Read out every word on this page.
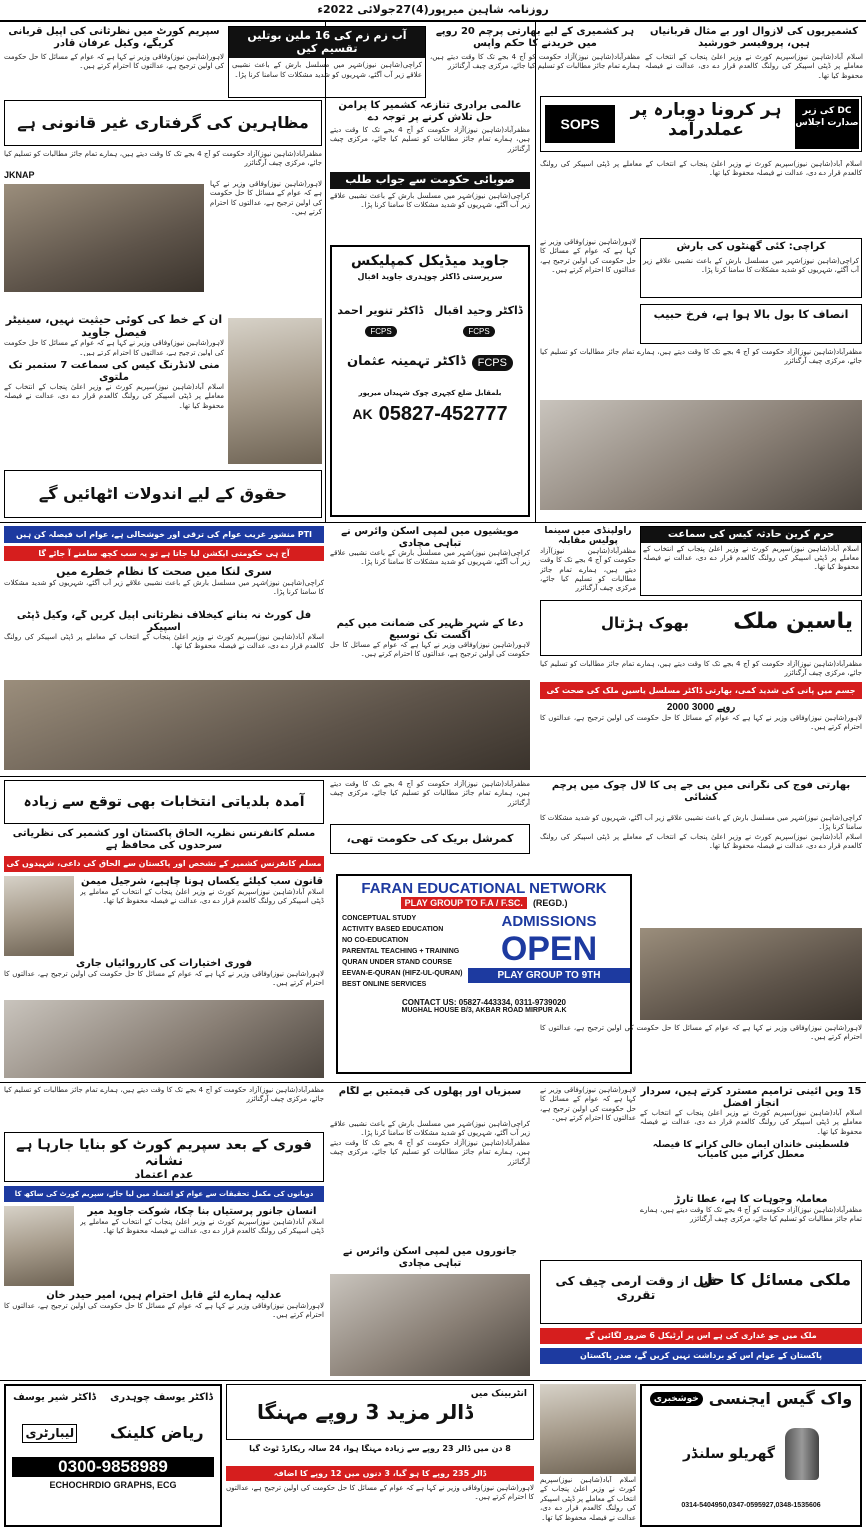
روزنامہ شاہین میرپور(4)27جولائی 2022ء
کشمیریوں کی لازوال اور بے مثال قربانیاں ہیں، پروفیسر خورشید
اسلام آباد(شاہین نیوز)سپریم کورٹ نے وزیر اعلیٰ پنجاب کے انتخاب کے معاملے پر ڈپٹی اسپیکر کی رولنگ کالعدم قرار دے دی، عدالت نے فیصلہ محفوظ کیا تھا۔
ہر کشمیری کے لیے بھارتی پرچم 20 روپے میں خریدنے کا حکم واپس
مظفرآباد(شاہین نیوز)آزاد حکومت کو آج 4 بجے تک کا وقت دیتے ہیں، ہمارے تمام جائز مطالبات کو تسلیم کیا جائے، مرکزی چیف آرگنائزر
آب زم زم کی 16 ملین بوتلیں تقسیم کیں
کراچی(شاہین نیوز)شہر میں مسلسل بارش کے باعث نشیبی علاقے زیر آب آگئے، شہریوں کو شدید مشکلات کا سامنا کرنا پڑا۔
سپریم کورٹ میں نظرثانی کی اپیل قربانی کریگے، وکیل عرفان قادر
لاہور(شاہین نیوز)وفاقی وزیر نے کہا ہے کہ عوام کے مسائل کا حل حکومت کی اولین ترجیح ہے، عدالتوں کا احترام کرتے ہیں۔
DC کی زیر صدارت اجلاس
ہر کرونا دوبارہ پر عملدرآمد
SOPS
مظاہرین کی گرفتاری غیر قانونی ہے
عالمی برادری تنازعہ کشمیر کا پرامن حل تلاش کرنے پر توجہ دے
مظفرآباد(شاہین نیوز)آزاد حکومت کو آج 4 بجے تک کا وقت دیتے ہیں، ہمارے تمام جائز مطالبات کو تسلیم کیا جائے، مرکزی چیف آرگنائزر
صوبائی حکومت سے جواب طلب
کراچی(شاہین نیوز)شہر میں مسلسل بارش کے باعث نشیبی علاقے زیر آب آگئے، شہریوں کو شدید مشکلات کا سامنا کرنا پڑا۔
مظفرآباد(شاہین نیوز)آزاد حکومت کو آج 4 بجے تک کا وقت دیتے ہیں، ہمارے تمام جائز مطالبات کو تسلیم کیا جائے، مرکزی چیف آرگنائزر
JKNAP
لاہور(شاہین نیوز)وفاقی وزیر نے کہا ہے کہ عوام کے مسائل کا حل حکومت کی اولین ترجیح ہے، عدالتوں کا احترام کرتے ہیں۔
جاوید میڈیکل کمپلیکس
سرپرستی ڈاکٹر چوہدری جاوید اقبال
ڈاکٹر وحید اقبال
ڈاکٹر تنویر احمد
FCPS
FCPS
FCPS
ڈاکٹر تہمینہ عثمان
بلمقابل ضلع کچہری چوک شہیداں میرپور
AK 05827-452777
اسلام آباد(شاہین نیوز)سپریم کورٹ نے وزیر اعلیٰ پنجاب کے انتخاب کے معاملے پر ڈپٹی اسپیکر کی رولنگ کالعدم قرار دے دی، عدالت نے فیصلہ محفوظ کیا تھا۔
کراچی: کئی گھنٹوں کی بارش
کراچی(شاہین نیوز)شہر میں مسلسل بارش کے باعث نشیبی علاقے زیر آب آگئے، شہریوں کو شدید مشکلات کا سامنا کرنا پڑا۔
لاہور(شاہین نیوز)وفاقی وزیر نے کہا ہے کہ عوام کے مسائل کا حل حکومت کی اولین ترجیح ہے، عدالتوں کا احترام کرتے ہیں۔
انصاف کا بول بالا ہوا ہے، فرخ حبیب
مظفرآباد(شاہین نیوز)آزاد حکومت کو آج 4 بجے تک کا وقت دیتے ہیں، ہمارے تمام جائز مطالبات کو تسلیم کیا جائے، مرکزی چیف آرگنائزر
ان کے خط کی کوئی حیثیت نہیں، سینیٹر فیصل جاوید
لاہور(شاہین نیوز)وفاقی وزیر نے کہا ہے کہ عوام کے مسائل کا حل حکومت کی اولین ترجیح ہے، عدالتوں کا احترام کرتے ہیں۔
منی لانڈرنگ کیس کی سماعت 7 ستمبر تک ملتوی
اسلام آباد(شاہین نیوز)سپریم کورٹ نے وزیر اعلیٰ پنجاب کے انتخاب کے معاملے پر ڈپٹی اسپیکر کی رولنگ کالعدم قرار دے دی، عدالت نے فیصلہ محفوظ کیا تھا۔
حقوق کے لیے اندولات اٹھائیں گے
PTI منشور غریب عوام کی ترقی اور خوشحالی ہے، عوام اب فیصلہ کن ہیں
آج ہی حکومتی ایکشن لیا جاتا ہے تو یہ سب کچھ سامنے آ جائے گا
سری لنکا میں صحت کا نظام خطرے میں
کراچی(شاہین نیوز)شہر میں مسلسل بارش کے باعث نشیبی علاقے زیر آب آگئے، شہریوں کو شدید مشکلات کا سامنا کرنا پڑا۔
فل کورٹ نہ بنانے کیخلاف نظرثانی اپیل کریں گے، وکیل ڈپٹی اسپیکر
اسلام آباد(شاہین نیوز)سپریم کورٹ نے وزیر اعلیٰ پنجاب کے انتخاب کے معاملے پر ڈپٹی اسپیکر کی رولنگ کالعدم قرار دے دی، عدالت نے فیصلہ محفوظ کیا تھا۔
مویشیوں میں لمپی اسکن وائرس نے تباہی مچادی
کراچی(شاہین نیوز)شہر میں مسلسل بارش کے باعث نشیبی علاقے زیر آب آگئے، شہریوں کو شدید مشکلات کا سامنا کرنا پڑا۔
دعا کے شہر ظہیر کی ضمانت میں کیم اگست تک توسیع
لاہور(شاہین نیوز)وفاقی وزیر نے کہا ہے کہ عوام کے مسائل کا حل حکومت کی اولین ترجیح ہے، عدالتوں کا احترام کرتے ہیں۔
راولپنڈی میں سینما پولیس مقابلہ
مظفرآباد(شاہین نیوز)آزاد حکومت کو آج 4 بجے تک کا وقت دیتے ہیں، ہمارے تمام جائز مطالبات کو تسلیم کیا جائے، مرکزی چیف آرگنائزر
حرم کرین حادثہ کیس کی سماعت
اسلام آباد(شاہین نیوز)سپریم کورٹ نے وزیر اعلیٰ پنجاب کے انتخاب کے معاملے پر ڈپٹی اسپیکر کی رولنگ کالعدم قرار دے دی، عدالت نے فیصلہ محفوظ کیا تھا۔
یاسین ملک
بھوک ہڑتال
مظفرآباد(شاہین نیوز)آزاد حکومت کو آج 4 بجے تک کا وقت دیتے ہیں، ہمارے تمام جائز مطالبات کو تسلیم کیا جائے، مرکزی چیف آرگنائزر
جسم میں پانی کی شدید کمی، بھارتی ڈاکٹر مسلسل یاسین ملک کی صحت کی
2000 روپے 3000
لاہور(شاہین نیوز)وفاقی وزیر نے کہا ہے کہ عوام کے مسائل کا حل حکومت کی اولین ترجیح ہے، عدالتوں کا احترام کرتے ہیں۔
آمدہ بلدیاتی انتخابات بھی توقع سے زیادہ
مسلم کانفرنس نظریہ الحاق پاکستان اور کشمیر کی نظریاتی سرحدوں کی محافظ ہے
مسلم کانفرنس کشمیر کے تشخص اور پاکستان سے الحاق کی داعی، شہیدوں کی
قانون سب کیلئے یکساں ہونا چاہیے، شرجیل میمن
اسلام آباد(شاہین نیوز)سپریم کورٹ نے وزیر اعلیٰ پنجاب کے انتخاب کے معاملے پر ڈپٹی اسپیکر کی رولنگ کالعدم قرار دے دی، عدالت نے فیصلہ محفوظ کیا تھا۔
فوری اختیارات کی کارروائیاں جاری
لاہور(شاہین نیوز)وفاقی وزیر نے کہا ہے کہ عوام کے مسائل کا حل حکومت کی اولین ترجیح ہے، عدالتوں کا احترام کرتے ہیں۔
مظفرآباد(شاہین نیوز)آزاد حکومت کو آج 4 بجے تک کا وقت دیتے ہیں، ہمارے تمام جائز مطالبات کو تسلیم کیا جائے، مرکزی چیف آرگنائزر
کمرشل بریک کی حکومت تھی،
FARAN EDUCATIONAL NETWORK
PLAY GROUP TO F.A / F.SC.	(REGD.)
CONCEPTUAL STUDY
ACTIVITY BASED EDUCATION
NO CO-EDUCATION
PARENTAL TEACHING + TRAINING
QURAN UNDER STAND COURSE
EEVAN-E-QURAN (HIFZ-UL-QURAN)
BEST ONLINE SERVICES
ADMISSIONS
OPEN
PLAY GROUP TO 9TH
CONTACT US: 05827-443334, 0311-9739020
MUGHAL HOUSE B/3, AKBAR ROAD MIRPUR A.K
بھارتی فوج کی نگرانی میں بی جے پی کا لال چوک میں پرچم کشائی
کراچی(شاہین نیوز)شہر میں مسلسل بارش کے باعث نشیبی علاقے زیر آب آگئے، شہریوں کو شدید مشکلات کا سامنا کرنا پڑا۔
اسلام آباد(شاہین نیوز)سپریم کورٹ نے وزیر اعلیٰ پنجاب کے انتخاب کے معاملے پر ڈپٹی اسپیکر کی رولنگ کالعدم قرار دے دی، عدالت نے فیصلہ محفوظ کیا تھا۔
لاہور(شاہین نیوز)وفاقی وزیر نے کہا ہے کہ عوام کے مسائل کا حل حکومت کی اولین ترجیح ہے، عدالتوں کا احترام کرتے ہیں۔
سبزیاں اور پھلوں کی قیمتیں بے لگام
مظفرآباد(شاہین نیوز)آزاد حکومت کو آج 4 بجے تک کا وقت دیتے ہیں، ہمارے تمام جائز مطالبات کو تسلیم کیا جائے، مرکزی چیف آرگنائزر
فوری کے بعد سپریم کورٹ کو بنایا جارہا ہے نشانہ
عدم اعتماد
دوبانوں کی مکمل تحقیقات سے عوام کو اعتماد میں لیا جائے، سپریم کورٹ کی ساکھ کا
انسان جانور پرستیاں بنا چکا، شوکت جاوید میر
اسلام آباد(شاہین نیوز)سپریم کورٹ نے وزیر اعلیٰ پنجاب کے انتخاب کے معاملے پر ڈپٹی اسپیکر کی رولنگ کالعدم قرار دے دی، عدالت نے فیصلہ محفوظ کیا تھا۔
عدلیہ ہمارے لئے قابل احترام ہیں، امیر حیدر خان
لاہور(شاہین نیوز)وفاقی وزیر نے کہا ہے کہ عوام کے مسائل کا حل حکومت کی اولین ترجیح ہے، عدالتوں کا احترام کرتے ہیں۔
کراچی(شاہین نیوز)شہر میں مسلسل بارش کے باعث نشیبی علاقے زیر آب آگئے، شہریوں کو شدید مشکلات کا سامنا کرنا پڑا۔
مظفرآباد(شاہین نیوز)آزاد حکومت کو آج 4 بجے تک کا وقت دیتے ہیں، ہمارے تمام جائز مطالبات کو تسلیم کیا جائے، مرکزی چیف آرگنائزر
جانوروں میں لمپی اسکن وائرس نے تباہی مچادی
15 ویں آئینی ترامیم مسترد کرتے ہیں، سردار انجاز افضل
اسلام آباد(شاہین نیوز)سپریم کورٹ نے وزیر اعلیٰ پنجاب کے انتخاب کے معاملے پر ڈپٹی اسپیکر کی رولنگ کالعدم قرار دے دی، عدالت نے فیصلہ محفوظ کیا تھا۔
لاہور(شاہین نیوز)وفاقی وزیر نے کہا ہے کہ عوام کے مسائل کا حل حکومت کی اولین ترجیح ہے، عدالتوں کا احترام کرتے ہیں۔
فلسطینی خاندان ایمان خالی کرانے کا فیصلہ معطل کرانے میں کامیاب
معاملہ وجوہات کا ہے، عطا تارڑ
مظفرآباد(شاہین نیوز)آزاد حکومت کو آج 4 بجے تک کا وقت دیتے ہیں، ہمارے تمام جائز مطالبات کو تسلیم کیا جائے، مرکزی چیف آرگنائزر
ملکی مسائل کا حل
قبل از وقت آرمی چیف کی تقرری
ملک میں جو غداری کی ہے اس پر آرٹیکل 6 ضرور لگائیں گے
پاکستان کے عوام اس کو برداشت نہیں کریں گے، صدر پاکستان
واک گیس ایجنسی
خوشخبری
گھریلو سلنڈر
0314-5404950,0347-0595927,0348-1535606
اسلام آباد(شاہین نیوز)سپریم کورٹ نے وزیر اعلیٰ پنجاب کے انتخاب کے معاملے پر ڈپٹی اسپیکر کی رولنگ کالعدم قرار دے دی، عدالت نے فیصلہ محفوظ کیا تھا۔
انٹربینک میں
ڈالر مزید 3 روپے مہنگا
8 دن میں ڈالر 23 روپے سے زیادہ مہنگا ہوا، 24 سالہ ریکارڈ ٹوٹ گیا
ڈالر 235 روپے کا ہو گیا، 3 دنوں میں 12 روپے کا اضافہ
لاہور(شاہین نیوز)وفاقی وزیر نے کہا ہے کہ عوام کے مسائل کا حل حکومت کی اولین ترجیح ہے، عدالتوں کا احترام کرتے ہیں۔
ڈاکٹر یوسف چوہدری
ڈاکٹر شیر یوسف
ریاض کلینک
لیبارٹری
0300-9858989
ECHOCHRDIO GRAPHS, ECG
